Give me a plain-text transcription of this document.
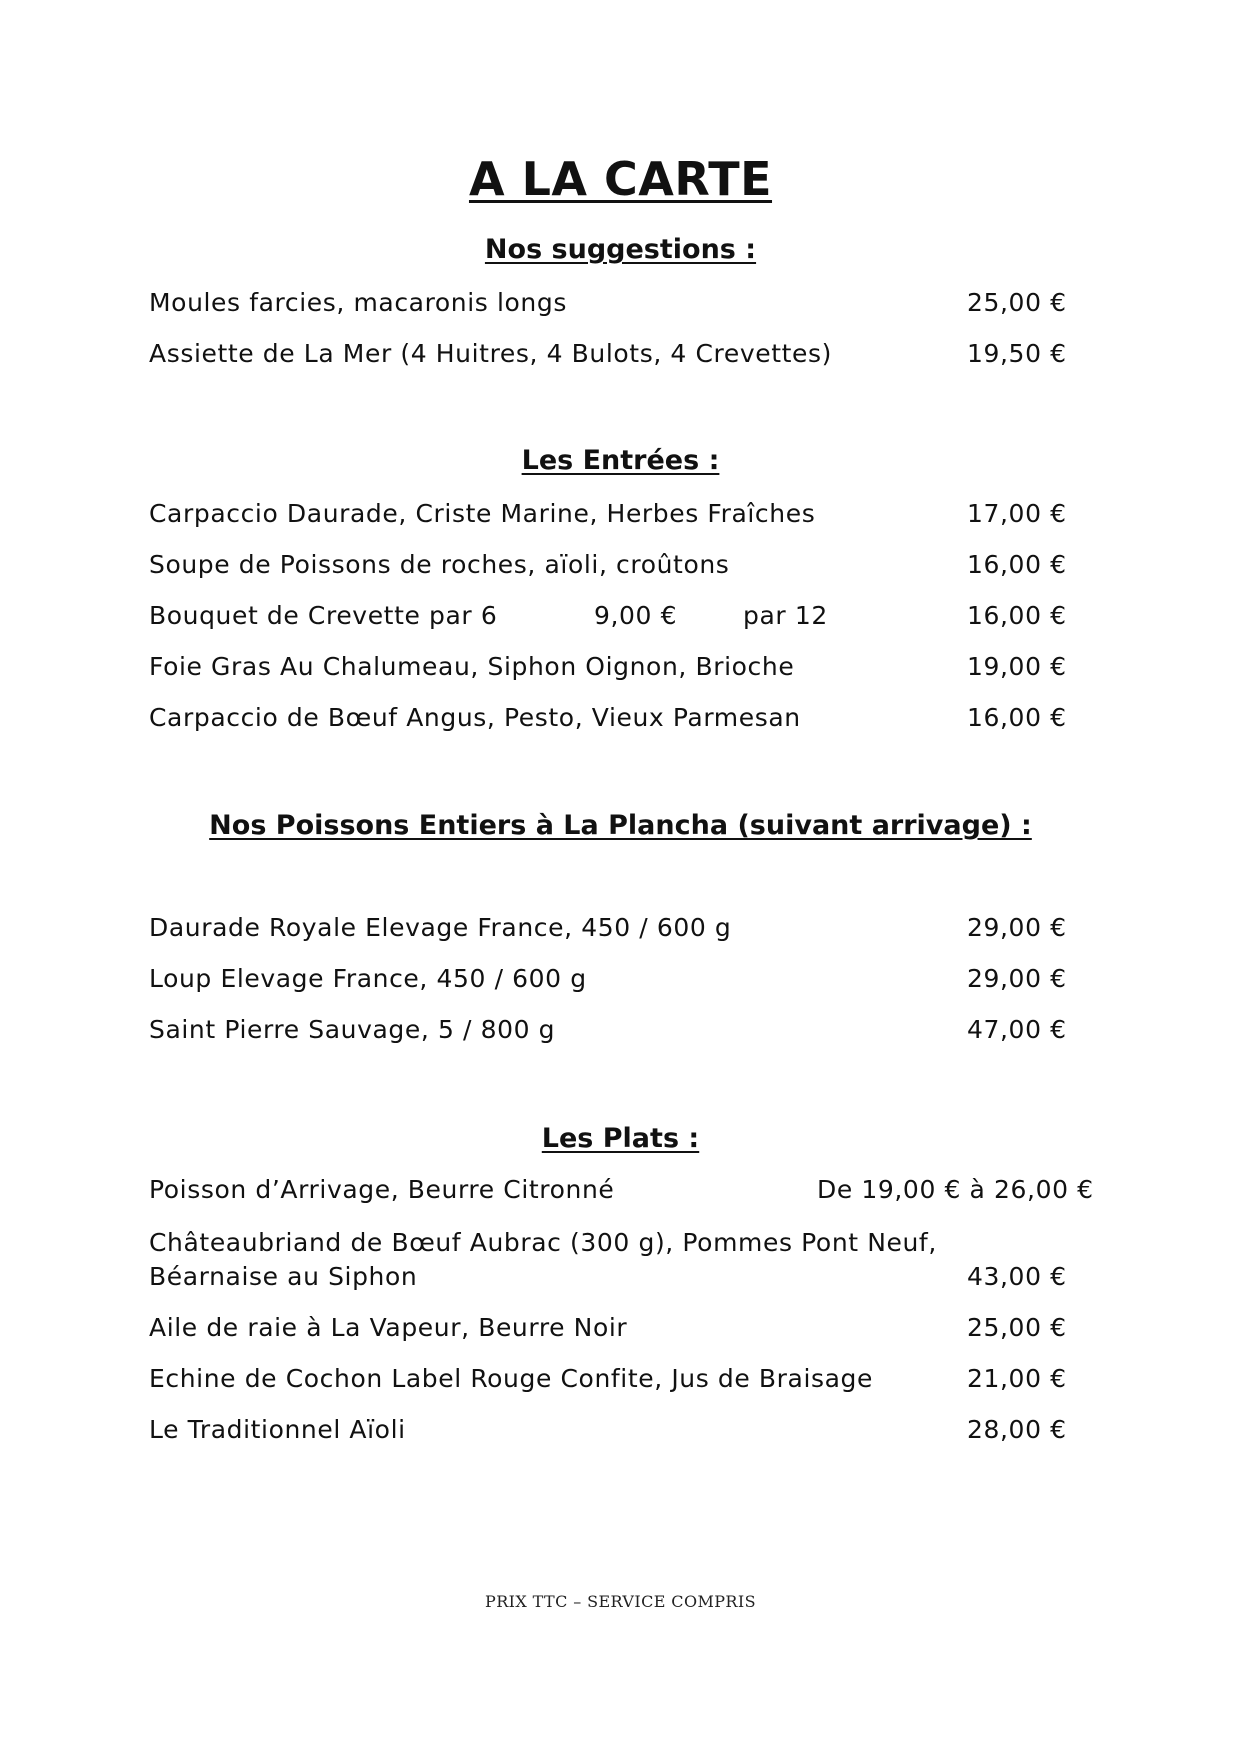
A LA CARTE
Nos suggestions :
Moules farcies, macaronis longs	25,00 €
Assiette de La Mer (4 Huitres, 4 Bulots, 4 Crevettes)	19,50 €
Les Entrées :
Carpaccio Daurade, Criste Marine, Herbes Fraîches	17,00 €
Soupe de Poissons de roches, aïoli, croûtons	16,00 €
Bouquet de Crevette par 6	9,00 €	par 12	16,00 €
Foie Gras Au Chalumeau, Siphon Oignon, Brioche	19,00 €
Carpaccio de Bœuf Angus, Pesto, Vieux Parmesan	16,00 €
Nos Poissons Entiers à La Plancha (suivant arrivage) :
Daurade Royale Elevage France, 450 / 600 g	29,00 €
Loup Elevage France, 450 / 600 g	29,00 €
Saint Pierre Sauvage, 5 / 800 g	47,00 €
Les Plats :
Poisson d’Arrivage, Beurre Citronné	De 19,00 € à 26,00 €
Châteaubriand de Bœuf Aubrac (300 g), Pommes Pont Neuf,
Béarnaise au Siphon	43,00 €
Aile de raie à La Vapeur, Beurre Noir	25,00 €
Echine de Cochon Label Rouge Confite, Jus de Braisage	21,00 €
Le Traditionnel Aïoli	28,00 €
PRIX TTC – SERVICE COMPRIS
